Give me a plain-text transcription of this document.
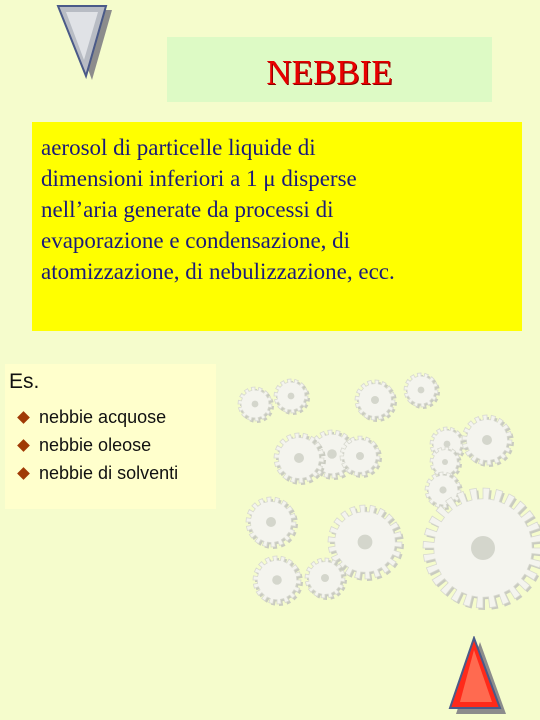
NEBBIE
aerosol di particelle liquide di
dimensioni inferiori a 1 μ disperse
nell’aria generate da processi di
evaporazione e condensazione, di
atomizzazione, di nebulizzazione, ecc.
Es.
nebbie acquose
nebbie oleose
nebbie di solventi
